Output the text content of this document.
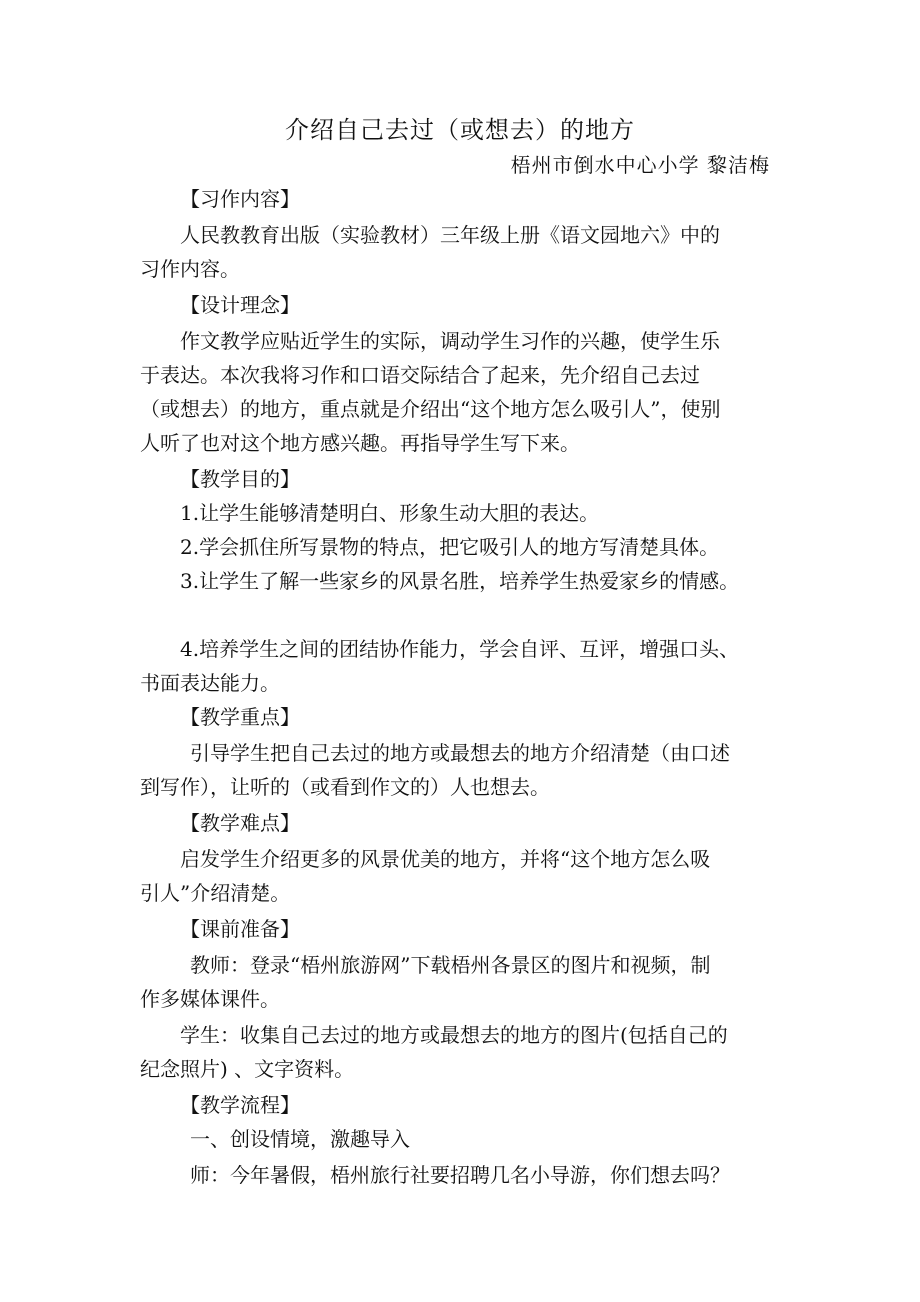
介绍自己去过（或想去）的地方
梧州市倒水中心小学 黎洁梅
【习作内容】
人民教教育出版（实验教材）三年级上册《语文园地六》中的
习作内容。
【设计理念】
作文教学应贴近学生的实际，调动学生习作的兴趣，使学生乐
于表达。本次我将习作和口语交际结合了起来，先介绍自己去过
（或想去）的地方，重点就是介绍出“这个地方怎么吸引人”，使别
人听了也对这个地方感兴趣。再指导学生写下来。
【教学目的】
1.让学生能够清楚明白、形象生动大胆的表达。
2.学会抓住所写景物的特点，把它吸引人的地方写清楚具体。
3.让学生了解一些家乡的风景名胜，培养学生热爱家乡的情感。
4.培养学生之间的团结协作能力，学会自评、互评，增强口头、
书面表达能力。
【教学重点】
引导学生把自己去过的地方或最想去的地方介绍清楚（由口述
到写作），让听的（或看到作文的）人也想去。
【教学难点】
启发学生介绍更多的风景优美的地方，并将“这个地方怎么吸
引人”介绍清楚。
【课前准备】
教师：登录“梧州旅游网”下载梧州各景区的图片和视频，制
作多媒体课件。
学生：收集自己去过的地方或最想去的地方的图片(包括自己的
纪念照片) 、文字资料。
【教学流程】
一、创设情境，激趣导入
师：今年暑假，梧州旅行社要招聘几名小导游，你们想去吗？
